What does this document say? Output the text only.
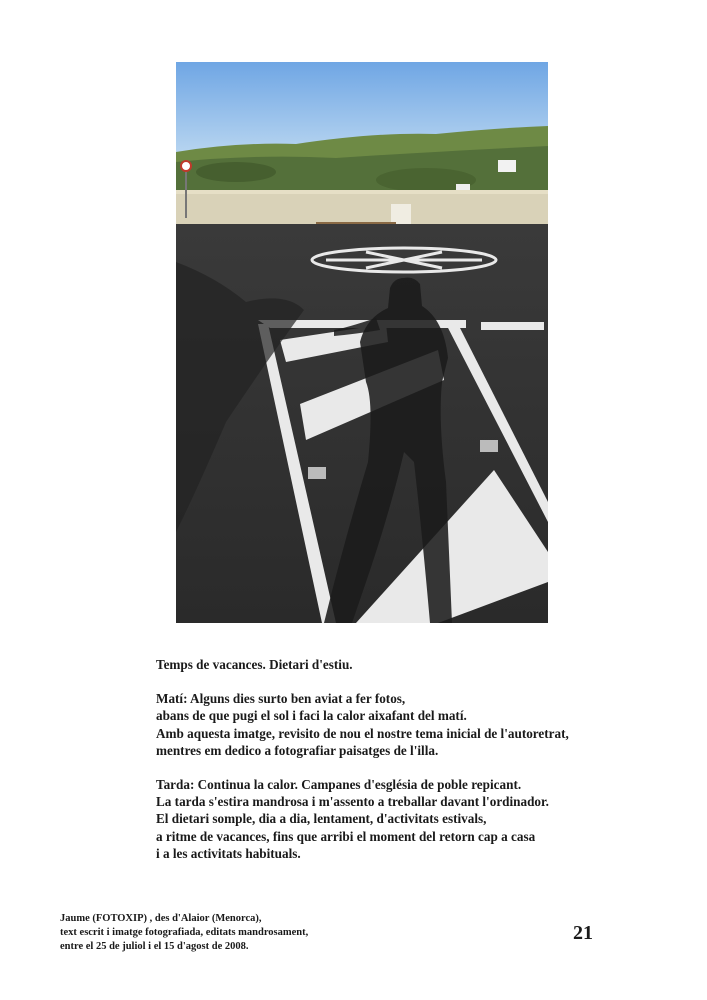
Temps de vacances. Dietari d'estiu.

Matí: Alguns dies surto ben aviat a fer fotos,

abans de que pugi el sol i faci la calor aixafant del matí.

Amb aquesta imatge, revisito de nou el nostre tema inicial de l'autoretrat,

mentres em dedico a fotografiar paisatges de l'illa.

Tarda: Continua la calor. Campanes d'església de poble repicant.

La tarda s'estira mandrosa i m'assento a treballar davant l'ordinador.

El dietari somple, dia a dia, lentament, d'activitats estivals,

a ritme de vacances, fins que arribi el moment del retorn cap a casa

i a les activitats habituals.

Jaume (FOTOXIP) , des d'Alaior (Menorca),

text escrit i imatge fotografiada, editats mandrosament,

entre el 25 de juliol i el 15 d'agost de 2008.

21
